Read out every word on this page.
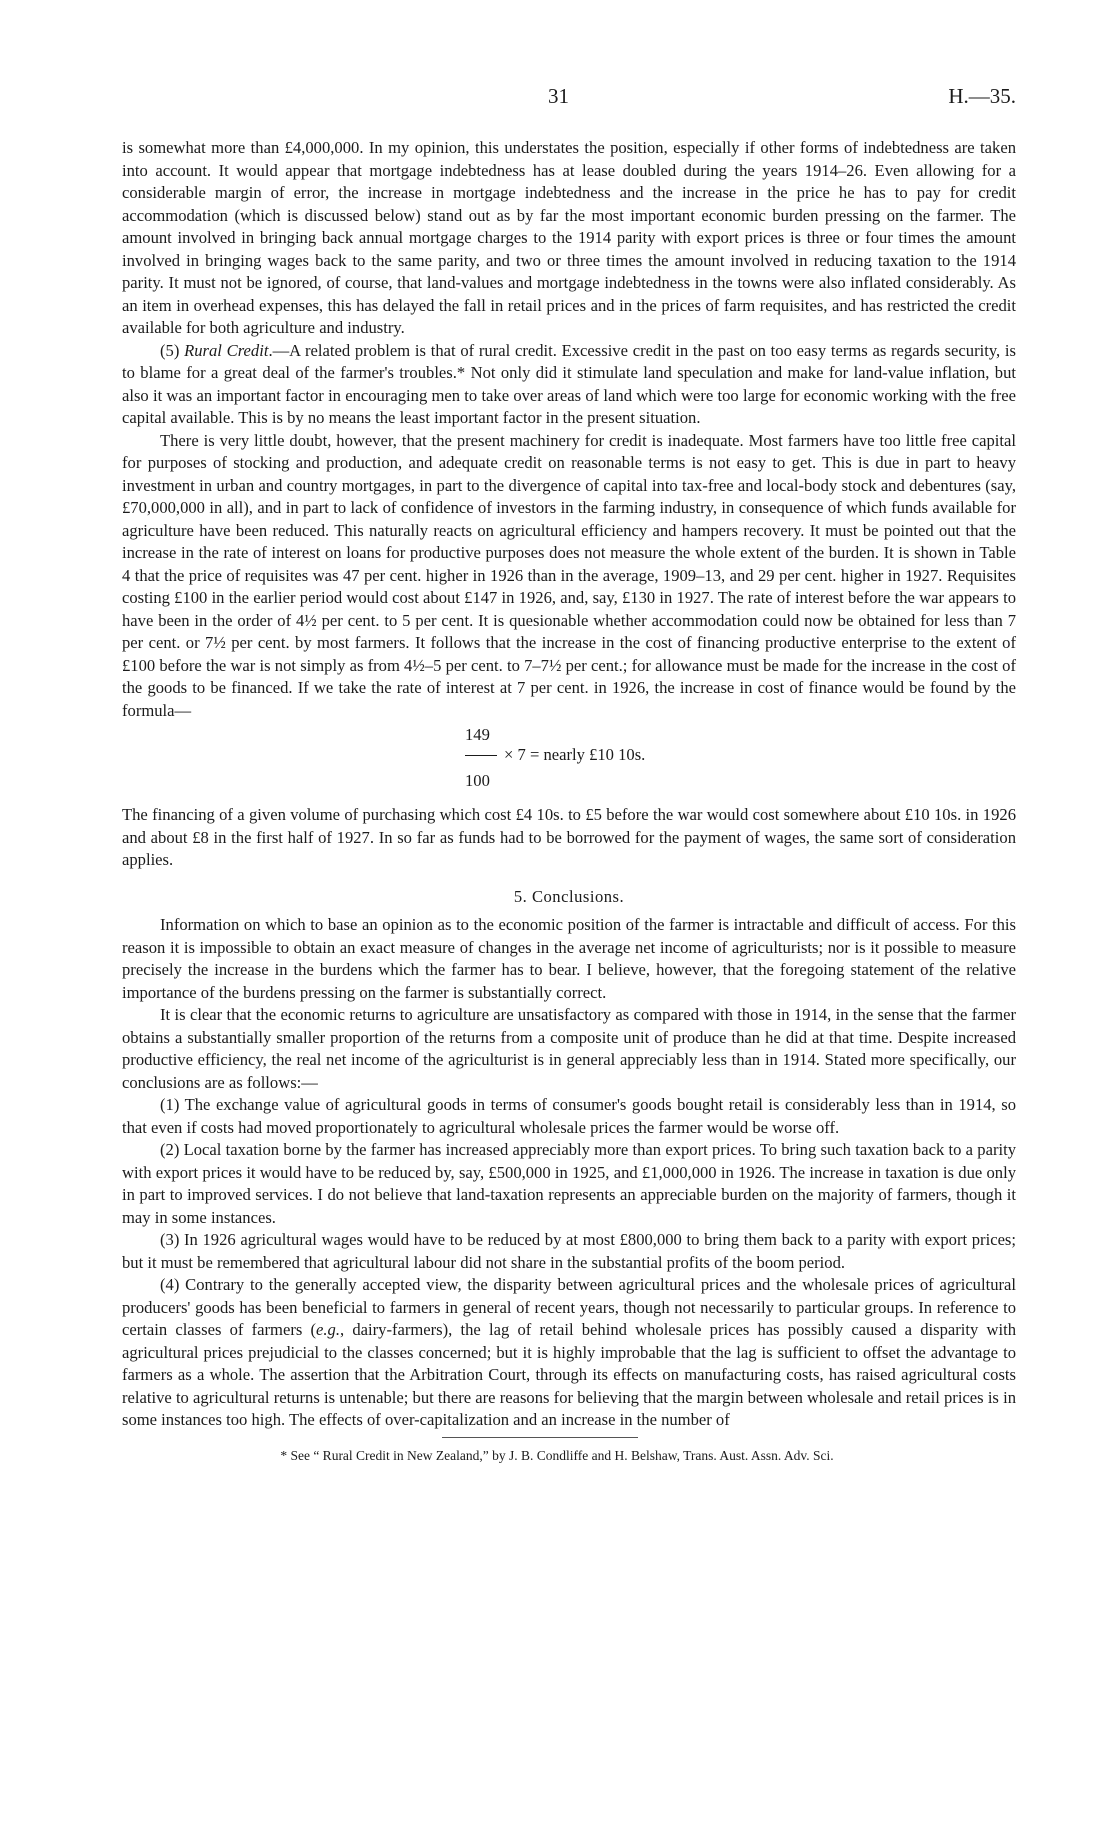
31	H.—35.

is somewhat more than £4,000,000. In my opinion, this understates the position, especially if other forms of indebtedness are taken into account. It would appear that mortgage indebtedness has at lease doubled during the years 1914–26. Even allowing for a considerable margin of error, the increase in mortgage indebtedness and the increase in the price he has to pay for credit accommodation (which is discussed below) stand out as by far the most important economic burden pressing on the farmer. The amount involved in bringing back annual mortgage charges to the 1914 parity with export prices is three or four times the amount involved in bringing wages back to the same parity, and two or three times the amount involved in reducing taxation to the 1914 parity. It must not be ignored, of course, that land-values and mortgage indebtedness in the towns were also inflated considerably. As an item in overhead expenses, this has delayed the fall in retail prices and in the prices of farm requisites, and has restricted the credit available for both agriculture and industry.

(5) Rural Credit.—A related problem is that of rural credit. Excessive credit in the past on too easy terms as regards security, is to blame for a great deal of the farmer's troubles.* Not only did it stimulate land speculation and make for land-value inflation, but also it was an important factor in encouraging men to take over areas of land which were too large for economic working with the free capital available. This is by no means the least important factor in the present situation.

There is very little doubt, however, that the present machinery for credit is inadequate. Most farmers have too little free capital for purposes of stocking and production, and adequate credit on reasonable terms is not easy to get. This is due in part to heavy investment in urban and country mortgages, in part to the divergence of capital into tax-free and local-body stock and debentures (say, £70,000,000 in all), and in part to lack of confidence of investors in the farming industry, in consequence of which funds available for agriculture have been reduced. This naturally reacts on agricultural efficiency and hampers recovery. It must be pointed out that the increase in the rate of interest on loans for productive purposes does not measure the whole extent of the burden. It is shown in Table 4 that the price of requisites was 47 per cent. higher in 1926 than in the average, 1909–13, and 29 per cent. higher in 1927. Requisites costing £100 in the earlier period would cost about £147 in 1926, and, say, £130 in 1927. The rate of interest before the war appears to have been in the order of 4½ per cent. to 5 per cent. It is quesionable whether accommodation could now be obtained for less than 7 per cent. or 7½ per cent. by most farmers. It follows that the increase in the cost of financing productive enterprise to the extent of £100 before the war is not simply as from 4½–5 per cent. to 7–7½ per cent.; for allowance must be made for the increase in the cost of the goods to be financed. If we take the rate of interest at 7 per cent. in 1926, the increase in cost of finance would be found by the formula—

149
× 7 = nearly £10 10s.
100

The financing of a given volume of purchasing which cost £4 10s. to £5 before the war would cost somewhere about £10 10s. in 1926 and about £8 in the first half of 1927. In so far as funds had to be borrowed for the payment of wages, the same sort of consideration applies.

5. Conclusions.

Information on which to base an opinion as to the economic position of the farmer is intractable and difficult of access. For this reason it is impossible to obtain an exact measure of changes in the average net income of agriculturists; nor is it possible to measure precisely the increase in the burdens which the farmer has to bear. I believe, however, that the foregoing statement of the relative importance of the burdens pressing on the farmer is substantially correct.

It is clear that the economic returns to agriculture are unsatisfactory as compared with those in 1914, in the sense that the farmer obtains a substantially smaller proportion of the returns from a composite unit of produce than he did at that time. Despite increased productive efficiency, the real net income of the agriculturist is in general appreciably less than in 1914. Stated more specifically, our conclusions are as follows:—

(1) The exchange value of agricultural goods in terms of consumer's goods bought retail is considerably less than in 1914, so that even if costs had moved proportionately to agricultural wholesale prices the farmer would be worse off.

(2) Local taxation borne by the farmer has increased appreciably more than export prices. To bring such taxation back to a parity with export prices it would have to be reduced by, say, £500,000 in 1925, and £1,000,000 in 1926. The increase in taxation is due only in part to improved services. I do not believe that land-taxation represents an appreciable burden on the majority of farmers, though it may in some instances.

(3) In 1926 agricultural wages would have to be reduced by at most £800,000 to bring them back to a parity with export prices; but it must be remembered that agricultural labour did not share in the substantial profits of the boom period.

(4) Contrary to the generally accepted view, the disparity between agricultural prices and the wholesale prices of agricultural producers' goods has been beneficial to farmers in general of recent years, though not necessarily to particular groups. In reference to certain classes of farmers (e.g., dairy-farmers), the lag of retail behind wholesale prices has possibly caused a disparity with agricultural prices prejudicial to the classes concerned; but it is highly improbable that the lag is sufficient to offset the advantage to farmers as a whole. The assertion that the Arbitration Court, through its effects on manufacturing costs, has raised agricultural costs relative to agricultural returns is untenable; but there are reasons for believing that the margin between wholesale and retail prices is in some instances too high. The effects of over-capitalization and an increase in the number of

* See “ Rural Credit in New Zealand,” by J. B. Condliffe and H. Belshaw, Trans. Aust. Assn. Adv. Sci.
